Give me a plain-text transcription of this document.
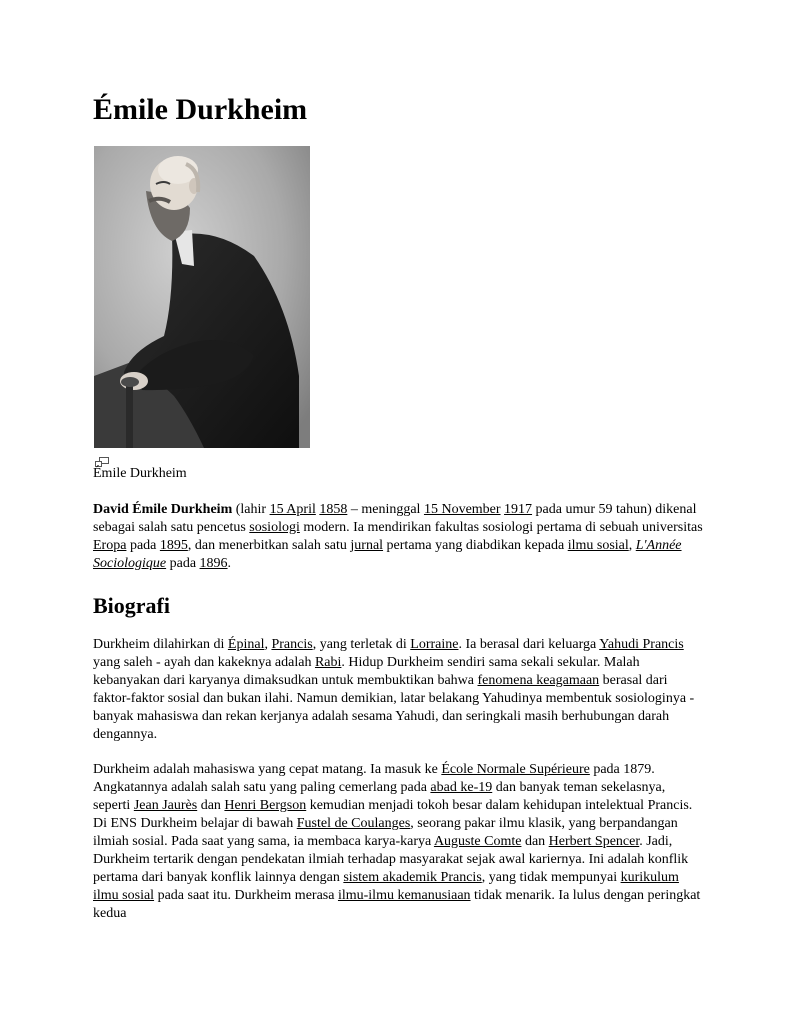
Émile Durkheim
Émile Durkheim

David Émile Durkheim (lahir 15 April 1858 – meninggal 15 November 1917 pada umur 59 tahun) dikenal sebagai salah satu pencetus sosiologi modern. Ia mendirikan fakultas sosiologi pertama di sebuah universitas Eropa pada 1895, dan menerbitkan salah satu jurnal pertama yang diabdikan kepada ilmu sosial, L'Année Sociologique pada 1896.

Biografi

Durkheim dilahirkan di Épinal, Prancis, yang terletak di Lorraine. Ia berasal dari keluarga Yahudi Prancis yang saleh - ayah dan kakeknya adalah Rabi. Hidup Durkheim sendiri sama sekali sekular. Malah kebanyakan dari karyanya dimaksudkan untuk membuktikan bahwa fenomena keagamaan berasal dari faktor-faktor sosial dan bukan ilahi. Namun demikian, latar belakang Yahudinya membentuk sosiologinya - banyak mahasiswa dan rekan kerjanya adalah sesama Yahudi, dan seringkali masih berhubungan darah dengannya.

Durkheim adalah mahasiswa yang cepat matang. Ia masuk ke École Normale Supérieure pada 1879. Angkatannya adalah salah satu yang paling cemerlang pada abad ke-19 dan banyak teman sekelasnya, seperti Jean Jaurès dan Henri Bergson kemudian menjadi tokoh besar dalam kehidupan intelektual Prancis. Di ENS Durkheim belajar di bawah Fustel de Coulanges, seorang pakar ilmu klasik, yang berpandangan ilmiah sosial. Pada saat yang sama, ia membaca karya-karya Auguste Comte dan Herbert Spencer. Jadi, Durkheim tertarik dengan pendekatan ilmiah terhadap masyarakat sejak awal kariernya. Ini adalah konflik pertama dari banyak konflik lainnya dengan sistem akademik Prancis, yang tidak mempunyai kurikulum ilmu sosial pada saat itu. Durkheim merasa ilmu-ilmu kemanusiaan tidak menarik. Ia lulus dengan peringkat kedua
